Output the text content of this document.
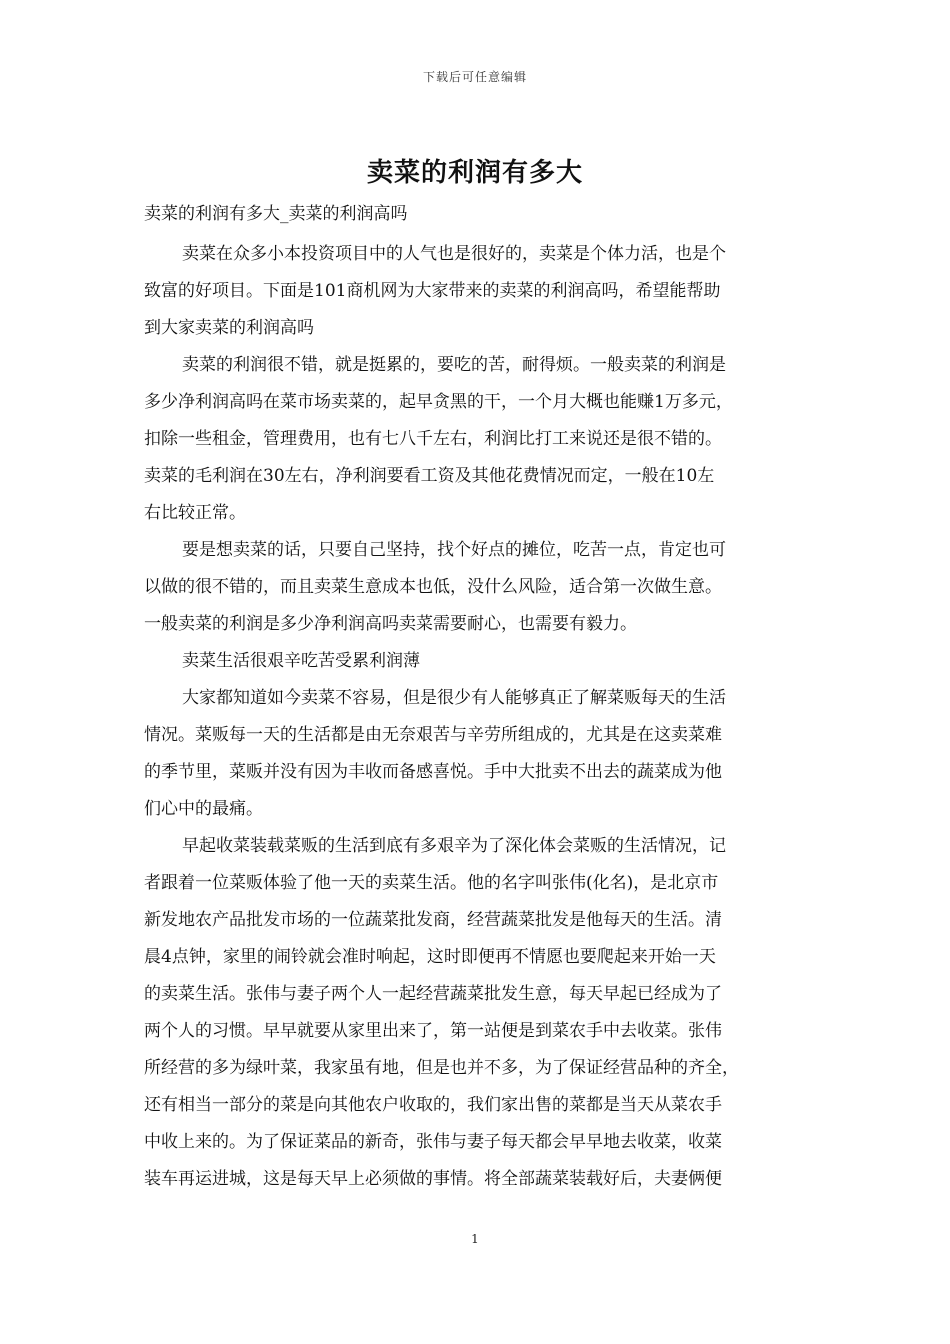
下载后可任意编辑
卖菜的利润有多大
卖菜的利润有多大_卖菜的利润高吗
卖菜在众多小本投资项目中的人气也是很好的，卖菜是个体力活，也是个
致富的好项目。下面是101商机网为大家带来的卖菜的利润高吗，希望能帮助
到大家卖菜的利润高吗
卖菜的利润很不错，就是挺累的，要吃的苦，耐得烦。一般卖菜的利润是
多少净利润高吗在菜市场卖菜的，起早贪黑的干，一个月大概也能赚1万多元，
扣除一些租金，管理费用，也有七八千左右，利润比打工来说还是很不错的。
卖菜的毛利润在30左右，净利润要看工资及其他花费情况而定，一般在10左
右比较正常。
要是想卖菜的话，只要自己坚持，找个好点的摊位，吃苦一点，肯定也可
以做的很不错的，而且卖菜生意成本也低，没什么风险，适合第一次做生意。
一般卖菜的利润是多少净利润高吗卖菜需要耐心，也需要有毅力。
卖菜生活很艰辛吃苦受累利润薄
大家都知道如今卖菜不容易，但是很少有人能够真正了解菜贩每天的生活
情况。菜贩每一天的生活都是由无奈艰苦与辛劳所组成的，尤其是在这卖菜难
的季节里，菜贩并没有因为丰收而备感喜悦。手中大批卖不出去的蔬菜成为他
们心中的最痛。
早起收菜装载菜贩的生活到底有多艰辛为了深化体会菜贩的生活情况，记
者跟着一位菜贩体验了他一天的卖菜生活。他的名字叫张伟(化名)，是北京市
新发地农产品批发市场的一位蔬菜批发商，经营蔬菜批发是他每天的生活。清
晨4点钟，家里的闹铃就会准时响起，这时即便再不情愿也要爬起来开始一天
的卖菜生活。张伟与妻子两个人一起经营蔬菜批发生意，每天早起已经成为了
两个人的习惯。早早就要从家里出来了，第一站便是到菜农手中去收菜。张伟
所经营的多为绿叶菜，我家虽有地，但是也并不多，为了保证经营品种的齐全，
还有相当一部分的菜是向其他农户收取的，我们家出售的菜都是当天从菜农手
中收上来的。为了保证菜品的新奇，张伟与妻子每天都会早早地去收菜，收菜
装车再运进城，这是每天早上必须做的事情。将全部蔬菜装载好后，夫妻俩便
1
